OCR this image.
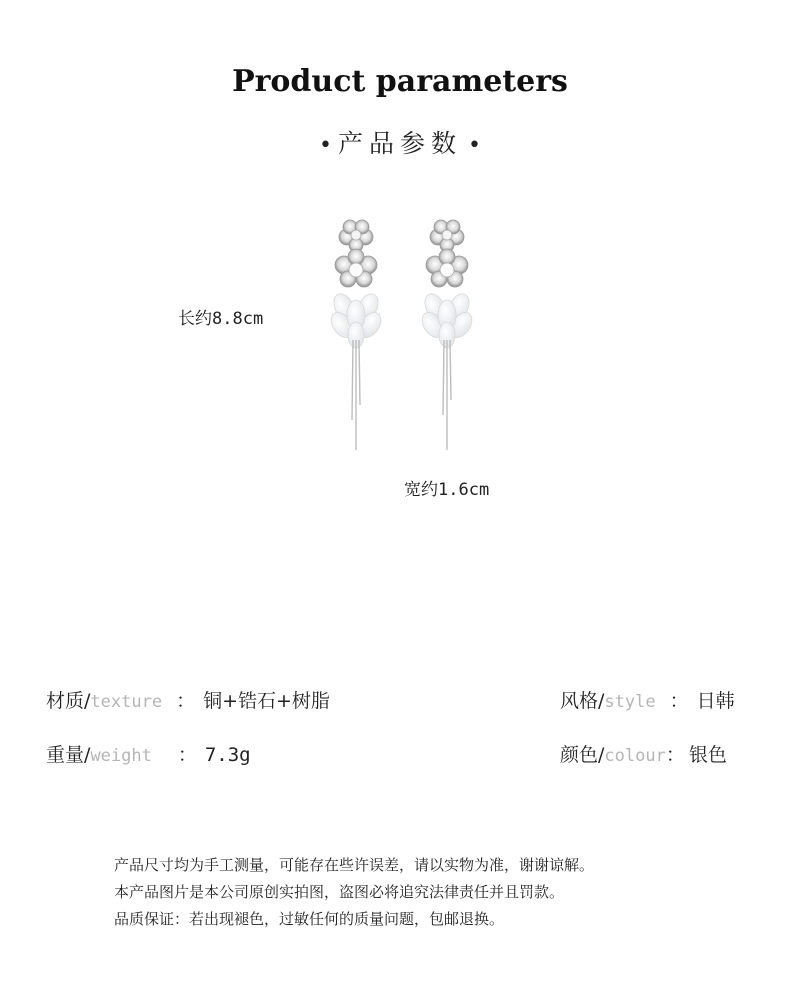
Product parameters
• 产品参数 •
长约8.8cm
宽约1.6cm
材质/texture ： 铜+锆石+树脂	风格/style ： 日韩
重量/weight ： 7.3g	颜色/colour： 银色
产品尺寸均为手工测量，可能存在些许误差，请以实物为准，谢谢谅解。
本产品图片是本公司原创实拍图，盗图必将追究法律责任并且罚款。
品质保证：若出现褪色，过敏任何的质量问题，包邮退换。
